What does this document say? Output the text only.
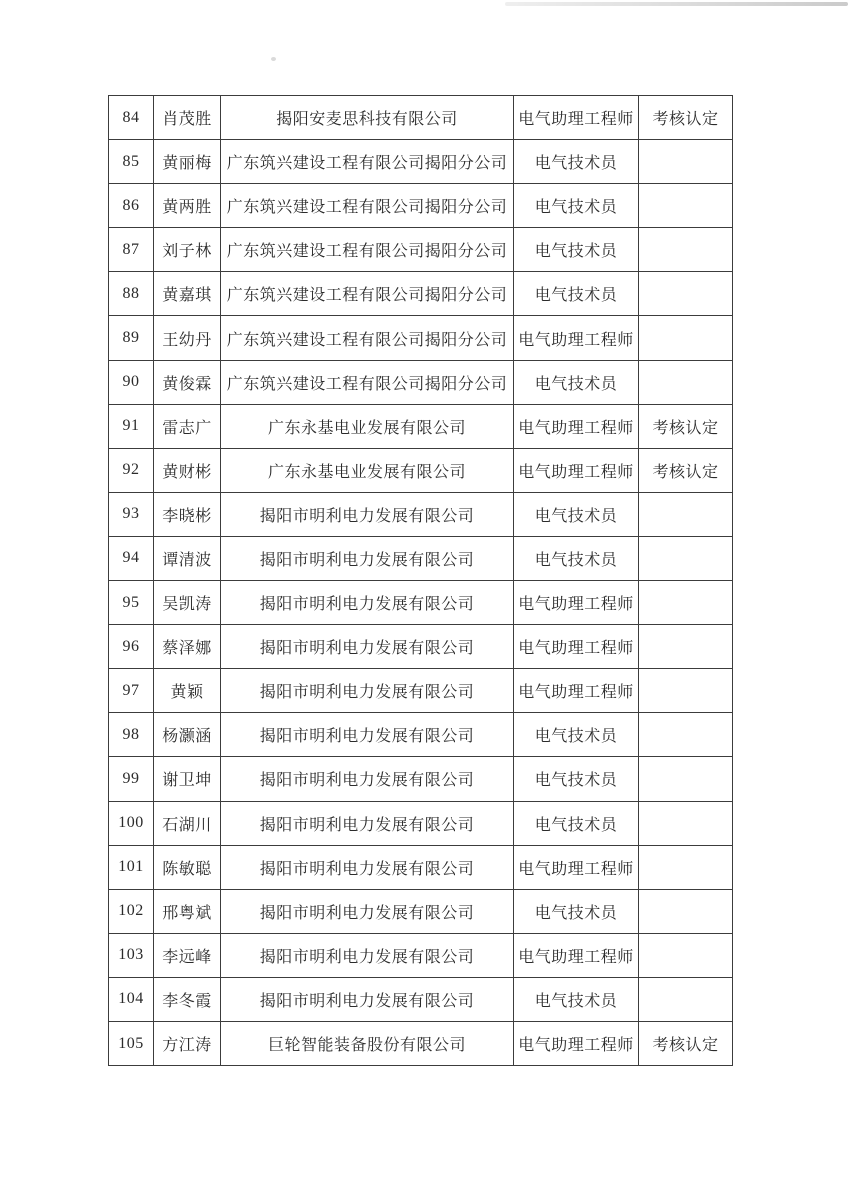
84	肖茂胜	揭阳安麦思科技有限公司	电气助理工程师	考核认定
85	黄丽梅	广东筑兴建设工程有限公司揭阳分公司	电气技术员	
86	黄两胜	广东筑兴建设工程有限公司揭阳分公司	电气技术员	
87	刘子林	广东筑兴建设工程有限公司揭阳分公司	电气技术员	
88	黄嘉琪	广东筑兴建设工程有限公司揭阳分公司	电气技术员	
89	王幼丹	广东筑兴建设工程有限公司揭阳分公司	电气助理工程师	
90	黄俊霖	广东筑兴建设工程有限公司揭阳分公司	电气技术员	
91	雷志广	广东永基电业发展有限公司	电气助理工程师	考核认定
92	黄财彬	广东永基电业发展有限公司	电气助理工程师	考核认定
93	李晓彬	揭阳市明利电力发展有限公司	电气技术员	
94	谭清波	揭阳市明利电力发展有限公司	电气技术员	
95	吴凯涛	揭阳市明利电力发展有限公司	电气助理工程师	
96	蔡泽娜	揭阳市明利电力发展有限公司	电气助理工程师	
97	黄颖	揭阳市明利电力发展有限公司	电气助理工程师	
98	杨灏涵	揭阳市明利电力发展有限公司	电气技术员	
99	谢卫坤	揭阳市明利电力发展有限公司	电气技术员	
100	石湖川	揭阳市明利电力发展有限公司	电气技术员	
101	陈敏聪	揭阳市明利电力发展有限公司	电气助理工程师	
102	邢粤斌	揭阳市明利电力发展有限公司	电气技术员	
103	李远峰	揭阳市明利电力发展有限公司	电气助理工程师	
104	李冬霞	揭阳市明利电力发展有限公司	电气技术员	
105	方江涛	巨轮智能装备股份有限公司	电气助理工程师	考核认定
